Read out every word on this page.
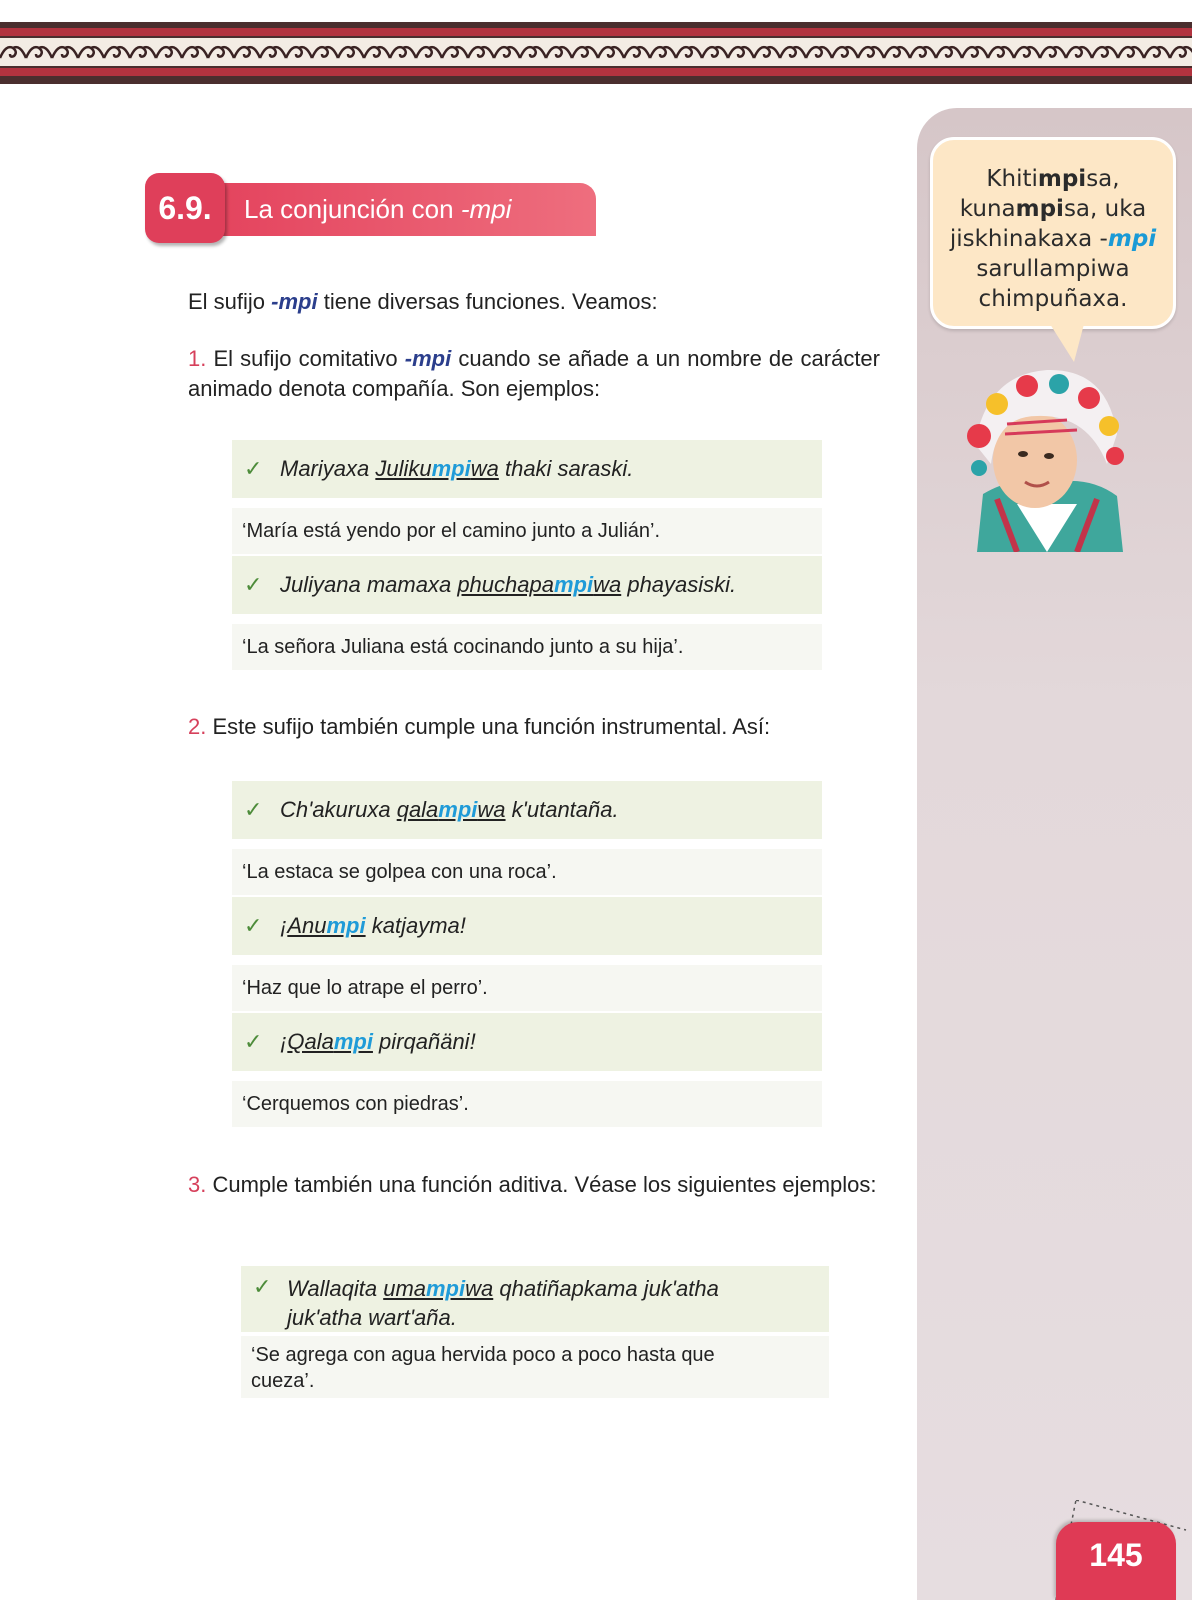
Khitimpisa,
kunampisa, uka
jiskhinakaxa -mpi
sarullampiwa
chimpuñaxa.
La conjunción con -mpi
6.9.
El sufijo -mpi tiene diversas funciones. Veamos:
1. El sufijo comitativo -mpi cuando se añade a un nombre de carácter animado denota compañía. Son ejemplos:
✓ Mariyaxa Julikumpiwa thaki saraski.
‘María está yendo por el camino junto a Julián’.
✓ Juliyana mamaxa phuchapampiwa phayasiski.
‘La señora Juliana está cocinando junto a su hija’.
2. Este sufijo también cumple una función instrumental. Así:
✓ Ch'akuruxa qalampiwa k'utantaña.
‘La estaca se golpea con una roca’.
✓ ¡Anumpi katjayma!
‘Haz que lo atrape el perro’.
✓ ¡Qalampi pirqañäni!
‘Cerquemos con piedras’.
3. Cumple también una función aditiva. Véase los siguientes ejemplos:
✓ Wallaqita umampiwa qhatiñapkama juk'atha
juk'atha wart'aña.
‘Se agrega con agua hervida poco a poco hasta que
cueza’.
145
